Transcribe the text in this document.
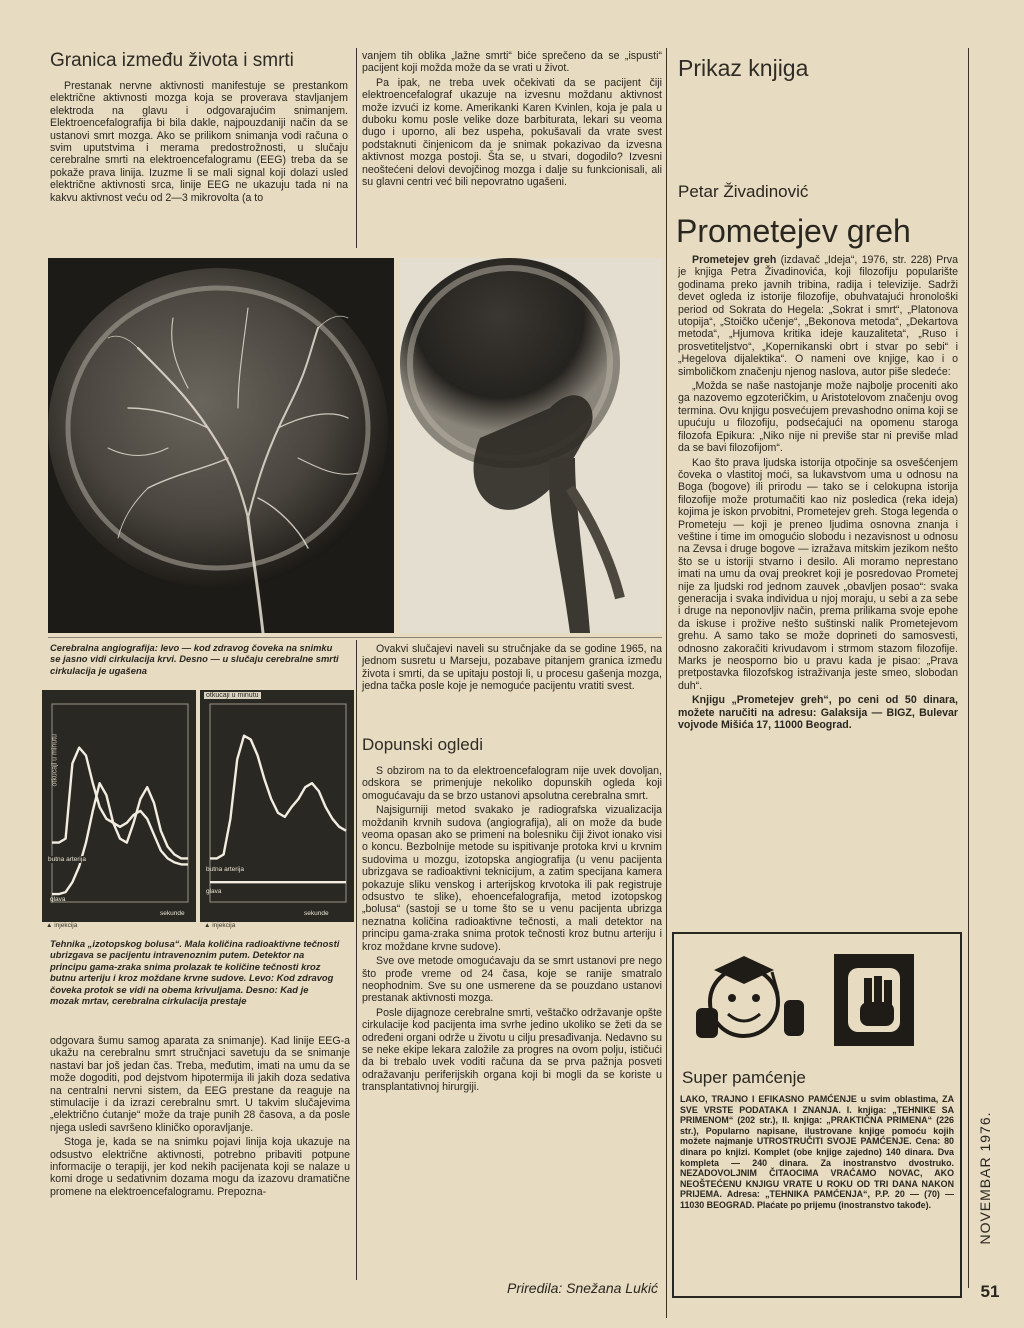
Granica između života i smrti
Prestanak nervne aktivnosti manifestuje se prestankom električne aktivnosti mozga koja se proverava stavljanjem elektroda na glavu i odgovarajućim snimanjem. Elektroencefalografija bi bila dakle, najpouzdaniji način da se ustanovi smrt mozga. Ako se prilikom snimanja vodi računa o svim uputstvima i merama predostrožnosti, u slučaju cerebralne smrti na elektroencefalogramu (EEG) treba da se pokaže prava linija. Izuzme li se mali signal koji dolazi usled električne aktivnosti srca, linije EEG ne ukazuju tada ni na kakvu aktivnost veću od 2—3 mikrovolta (a to

vanjem tih oblika „lažne smrti“ biće sprečeno da se „ispusti“ pacijent koji možda može da se vrati u život.

Pa ipak, ne treba uvek očekivati da se pacijent čiji elektroencefalograf ukazuje na izvesnu moždanu aktivnost može izvući iz kome. Amerikanki Karen Kvinlen, koja je pala u duboku komu posle velike doze barbiturata, lekari su veoma dugo i uporno, ali bez uspeha, pokušavali da vrate svest podstaknuti činjenicom da je snimak pokazivao da izvesna aktivnost mozga postoji. Šta se, u stvari, dogodilo? Izvesni neoštećeni delovi devojčinog mozga i dalje su funkcionisali, ali su glavni centri već bili nepovratno ugašeni.

Cerebralna angiografija: levo — kod zdravog čoveka na snimku se jasno vidi cirkulacija krvi. Desno — u slučaju cerebralne smrti cirkulacija je ugašena
otkucaji u minutu
butna arterija
glava
sekunde
▲ injekcija
otkucaji u minutu
butna arterija
glava
sekunde
▲ injekcija
Tehnika „izotopskog bolusa“. Mala količina radioaktivne tečnosti ubrizgava se pacijentu intravenoznim putem. Detektor na principu gama-zraka snima prolazak te količine tečnosti kroz butnu arteriju i kroz moždane krvne sudove. Levo: Kod zdravog čoveka protok se vidi na obema krivuljama. Desno: Kad je mozak mrtav, cerebralna cirkulacija prestaje

odgovara šumu samog aparata za snimanje). Kad linije EEG-a ukažu na cerebralnu smrt stručnjaci savetuju da se snimanje nastavi bar još jedan čas. Treba, međutim, imati na umu da se može dogoditi, pod dejstvom hipotermija ili jakih doza sedativa na centralni nervni sistem, da EEG prestane da reaguje na stimulacije i da izrazi cerebralnu smrt. U takvim slučajevima „električno ćutanje“ može da traje punih 28 časova, a da posle njega usledi savršeno kliničko oporavljanje.

Stoga je, kada se na snimku pojavi linija koja ukazuje na odsustvo električne aktivnosti, potrebno pribaviti potpune informacije o terapiji, jer kod nekih pacijenata koji se nalaze u komi droge u sedativnim dozama mogu da izazovu dramatične promene na elektroencefalogramu. Prepozna-

Ovakvi slučajevi naveli su stručnjake da se godine 1965, na jednom susretu u Marseju, pozabave pitanjem granica između života i smrti, da se upitaju postoji li, u procesu gašenja mozga, jedna tačka posle koje je nemoguće pacijentu vratiti svest.

Dopunski ogledi

S obzirom na to da elektroencefalogram nije uvek dovoljan, odskora se primenjuje nekoliko dopunskih ogleda koji omogućavaju da se brzo ustanovi apsolutna cerebralna smrt.

Najsigurniji metod svakako je radiografska vizualizacija moždanih krvnih sudova (angiografija), ali on može da bude veoma opasan ako se primeni na bolesniku čiji život ionako visi o koncu. Bezbolnije metode su ispitivanje protoka krvi u krvnim sudovima u mozgu, izotopska angiografija (u venu pacijenta ubrizgava se radioaktivni teknicijum, a zatim specijana kamera pokazuje sliku venskog i arterijskog krvotoka ili pak registruje odsustvo te slike), ehoencefalografija, metod izotopskog „bolusa“ (sastoji se u tome što se u venu pacijenta ubrizga neznatna količina radioaktivne tečnosti, a mali detektor na principu gama-zraka snima protok tečnosti kroz butnu arteriju i kroz moždane krvne sudove).

Sve ove metode omogućavaju da se smrt ustanovi pre nego što prođe vreme od 24 časa, koje se ranije smatralo neophodnim. Sve su one usmerene da se pouzdano ustanovi prestanak aktivnosti mozga.

Posle dijagnoze cerebralne smrti, veštačko održavanje opšte cirkulacije kod pacijenta ima svrhe jedino ukoliko se žeti da se određeni organi održe u životu u cilju presađivanja. Nedavno su se neke ekipe lekara založile za progres na ovom polju, ističući da bi trebalo uvek voditi računa da se prva pažnja posveti odražavanju periferijskih organa koji bi mogli da se koriste u transplantativnoj hirurgiji.

Priredila: Snežana Lukić
Prikaz knjiga
Petar Živadinović
Prometejev greh

Prometejev greh (izdavač „Ideja“, 1976, str. 228) Prva je knjiga Petra Živadinovića, koji filozofiju popularište godinama preko javnih tribina, radija i televizije. Sadrži devet ogleda iz istorije filozofije, obuhvatajući hronološki period od Sokrata do Hegela: „Sokrat i smrt“, „Platonova utopija“, „Stoičko učenje“, „Bekonova metoda“, „Dekartova metoda“, „Hjumova kritika ideje kauzaliteta“, „Ruso i prosvetiteljstvo“, „Kopernikanski obrt i stvar po sebi“ i „Hegelova dijalektika“. O nameni ove knjige, kao i o simboličkom značenju njenog naslova, autor piše sledeće:

„Možda se naše nastojanje može najbolje proceniti ako ga nazovemo egzoteričkim, u Aristotelovom značenju ovog termina. Ovu knjigu posvećujem prevashodno onima koji se upućuju u filozofiju, podsećajući na opomenu staroga filozofa Epikura: „Niko nije ni previše star ni previše mlad da se bavi filozofijom“.

Kao što prava ljudska istorija otpočinje sa osvešćenjem čoveka o vlastitoj moći, sa lukavstvom uma u odnosu na Boga (bogove) ili prirodu — tako se i celokupna istorija filozofije može protumačiti kao niz posledica (reka ideja) kojima je iskon prvobitni, Prometejev greh. Stoga legenda o Prometeju — koji je preneo ljudima osnovna znanja i veštine i time im omogućio slobodu i nezavisnost u odnosu na Zevsa i druge bogove — izražava mitskim jezikom nešto što se u istoriji stvarno i desilo. Ali moramo neprestano imati na umu da ovaj preokret koji je posredovao Prometej nije za ljudski rod jednom zauvek „obavljen posao“: svaka generacija i svaka individua u njoj moraju, u sebi a za sebe i druge na neponovljiv način, prema prilikama svoje epohe da iskuse i proživе nešto suštinski nalik Prometejevom grehu. A samo tako se može doprinetі do samosvesti, odnosno zakoračiti krivudavom i strmom stazom filozofije. Marks je neosporno bio u pravu kada je pisao: „Prava pretpostavka filozofskog istraživanja jeste smeo, slobodan duh“.

Knjigu „Prometejev greh“, po ceni od 50 dinara, možete naručiti na adresu: Galaksija — BIGZ, Bulevar vojvode Mišića 17, 11000 Beograd.

Super pamćenje
LAKO, TRAJNO I EFIKASNO PAMĆENJE u svim oblastima, ZA SVE VRSTE PODATAKA I ZNANJA. I. knjiga: „TEHNIKE SA PRIMENOM“ (202 str.), II. knjiga: „PRAKTIČNA PRIMENA“ (226 str.), Popularno napisane, ilustrovane knjige pomoću kojih možete najmanje UTROSTRUČITI SVOJE PAMĆENJE. Cena: 80 dinara po knjizi. Komplet (obe knjige zajedno) 140 dinara. Dva kompleta — 240 dinara. Za inostranstvo dvostruko. NEZADOVOLJNIM ČITAOCIMA VRAĆAMO NOVAC, AKO NEOŠTEĆENU KNJIGU VRATE U ROKU OD TRI DANA NAKON PRIJEMA. Adresa: „TEHNIKA PAMĆENJA“, P.P. 20 — (70) — 11030 BEOGRAD. Plaćate po prijemu (inostranstvo takođe).	NOVEMBAR 1976.
51
